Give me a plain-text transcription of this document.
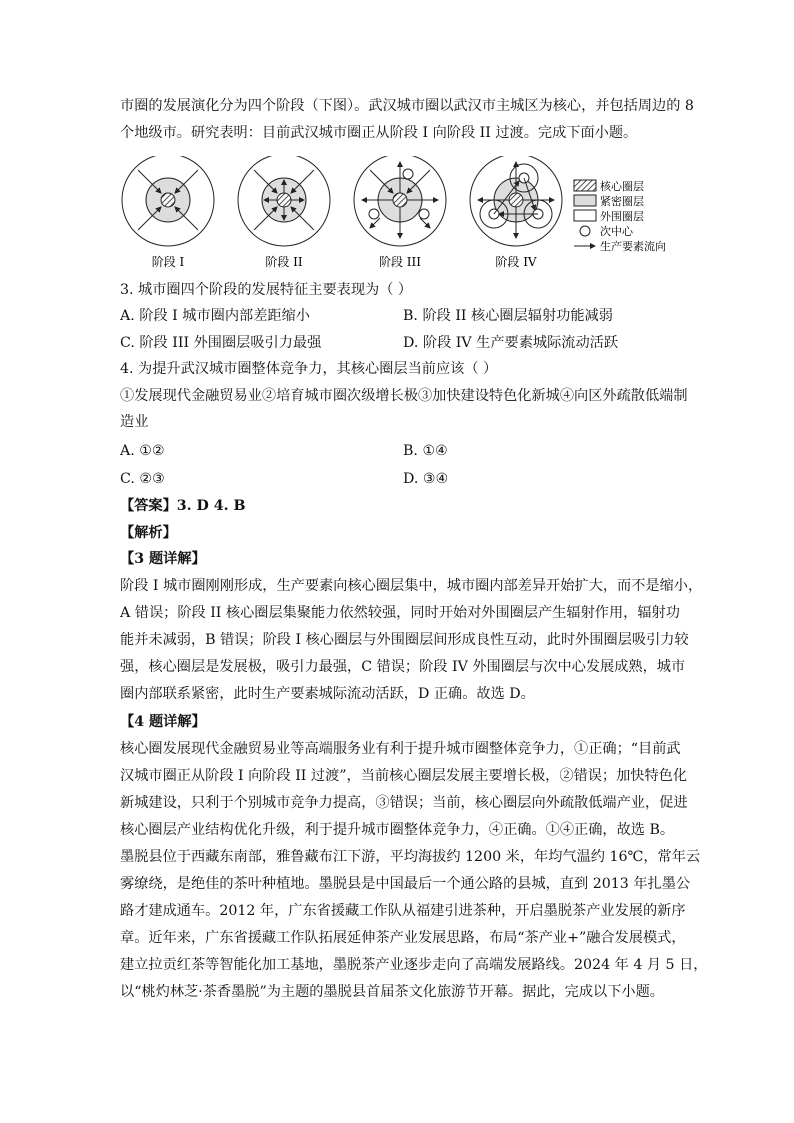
市圈的发展演化分为四个阶段（下图）。武汉城市圈以武汉市主城区为核心，并包括周边的 8
个地级市。研究表明：目前武汉城市圈正从阶段 I 向阶段 II 过渡。完成下面小题。
阶段 I	阶段 II	阶段 III	阶段 IV
核心圈层
紧密圈层
外围圈层
次中心
生产要素流向
3. 城市圈四个阶段的发展特征主要表现为（ ）
A. 阶段 I 城市圈内部差距缩小	B. 阶段 II 核心圈层辐射功能减弱
C. 阶段 III 外围圈层吸引力最强	D. 阶段 IV 生产要素城际流动活跃
4. 为提升武汉城市圈整体竞争力，其核心圈层当前应该（ ）
①发展现代金融贸易业②培育城市圈次级增长极③加快建设特色化新城④向区外疏散低端制
造业
A. ①②	B. ①④
C. ②③	D. ③④
【答案】3. D 4. B
【解析】
【3 题详解】
阶段 I 城市圈刚刚形成，生产要素向核心圈层集中，城市圈内部差异开始扩大，而不是缩小，
A 错误；阶段 II 核心圈层集聚能力依然较强，同时开始对外围圈层产生辐射作用，辐射功
能并未减弱，B 错误；阶段 I 核心圈层与外围圈层间形成良性互动，此时外围圈层吸引力较
强，核心圈层是发展极，吸引力最强，C 错误；阶段 IV 外围圈层与次中心发展成熟，城市
圈内部联系紧密，此时生产要素城际流动活跃，D 正确。故选 D。
【4 题详解】
核心圈发展现代金融贸易业等高端服务业有利于提升城市圈整体竞争力，①正确；“目前武
汉城市圈正从阶段 I 向阶段 II 过渡”，当前核心圈层发展主要增长极，②错误；加快特色化
新城建设，只利于个别城市竞争力提高，③错误；当前，核心圈层向外疏散低端产业，促进
核心圈层产业结构优化升级，利于提升城市圈整体竞争力，④正确。①④正确，故选 B。
墨脱县位于西藏东南部，雅鲁藏布江下游，平均海拔约 1200 米，年均气温约 16℃，常年云
雾缭绕，是绝佳的茶叶种植地。墨脱县是中国最后一个通公路的县城，直到 2013 年扎墨公
路才建成通车。2012 年，广东省援藏工作队从福建引进茶种，开启墨脱茶产业发展的新序
章。近年来，广东省援藏工作队拓展延伸茶产业发展思路，布局“茶产业+”融合发展模式，
建立拉贡红茶等智能化加工基地，墨脱茶产业逐步走向了高端发展路线。2024 年 4 月 5 日，
以“桃灼林芝·茶香墨脱”为主题的墨脱县首届茶文化旅游节开幕。据此，完成以下小题。
